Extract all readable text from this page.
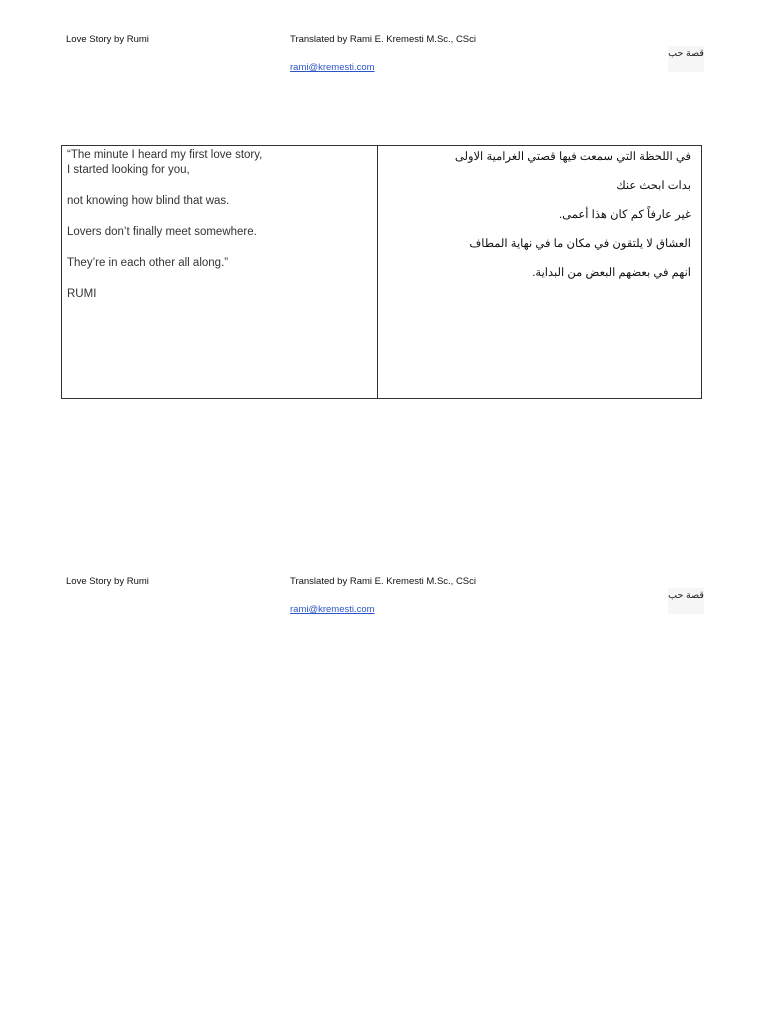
Love Story by Rumi	Translated by Rami E. Kremesti M.Sc., CSci
rami@kremesti.com
قصة حب
“The minute I heard my first love story,
I started looking for you,
not knowing how blind that was.
Lovers don’t finally meet somewhere.
They’re in each other all along.”
RUMI
في اللحظة التي سمعت فيها قصتي الغرامية الاولى
بدات ابحث عنك
غير عارفاً كم كان هذا أعمى.
العشاق لا يلتقون في مكان ما في نهاية المطاف
انهم في بعضهم البعض من البداية.
Love Story by Rumi	Translated by Rami E. Kremesti M.Sc., CSci
rami@kremesti.com
قصة حب
